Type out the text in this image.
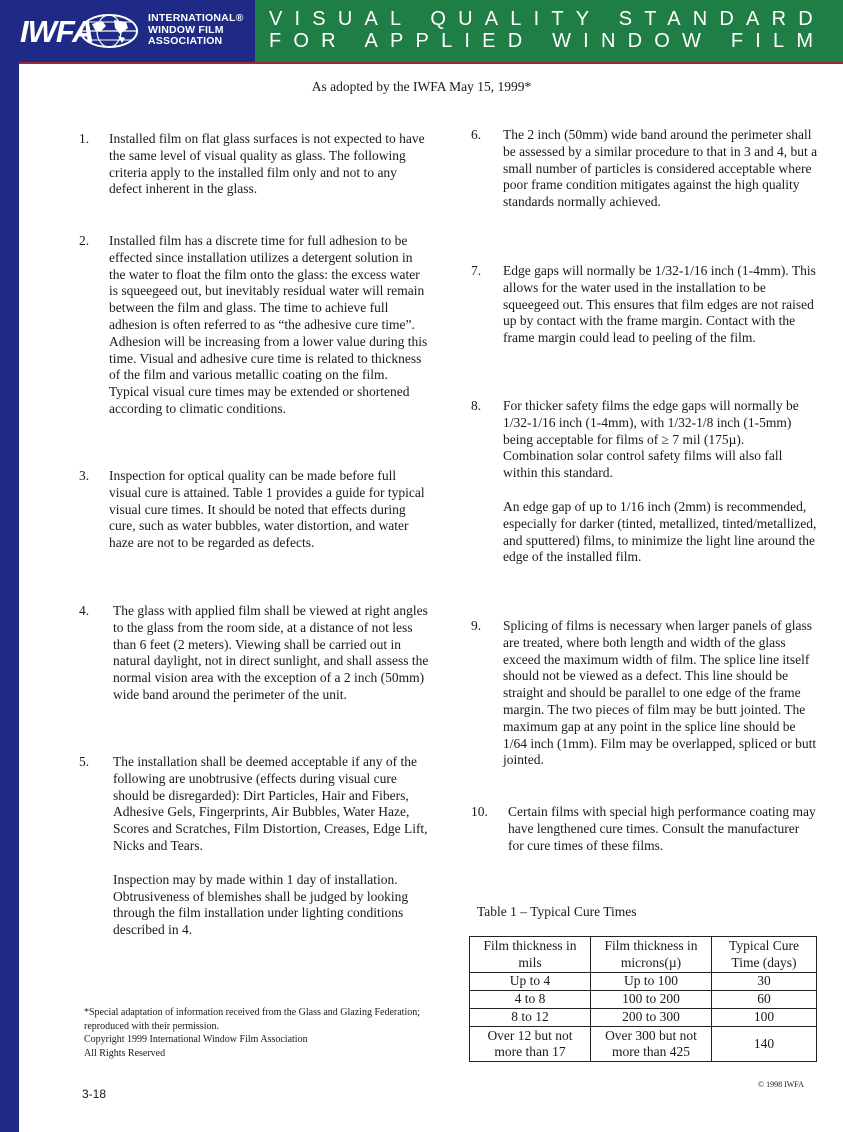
IWFA	INTERNATIONAL®
WINDOW FILM
ASSOCIATION
VISUAL QUALITY STANDARD
FOR APPLIED WINDOW FILM
As adopted by the IWFA May 15, 1999*
1. Installed film on flat glass surfaces is not expected to have the same level of visual quality as glass. The following criteria apply to the installed film only and not to any defect inherent in the glass.

2. Installed film has a discrete time for full adhesion to be effected since installation utilizes a detergent solution in the water to float the film onto the glass: the excess water is squeegeed out, but inevitably residual water will remain between the film and glass. The time to achieve full adhesion is often referred to as “the adhesive cure time”. Adhesion will be increasing from a lower value during this time. Visual and adhesive cure time is related to thickness of the film and various metallic coating on the film. Typical visual cure times may be extended or shortened according to climatic conditions.

3. Inspection for optical quality can be made before full visual cure is attained. Table 1 provides a guide for typical visual cure times. It should be noted that effects during cure, such as water bubbles, water distortion, and water haze are not to be regarded as defects.

4. The glass with applied film shall be viewed at right angles to the glass from the room side, at a distance of not less than 6 feet (2 meters). Viewing shall be carried out in natural daylight, not in direct sunlight, and shall assess the normal vision area with the exception of a 2 inch (50mm) wide band around the perimeter of the unit.

5. The installation shall be deemed acceptable if any of the following are unobtrusive (effects during visual cure should be disregarded): Dirt Particles, Hair and Fibers, Adhesive Gels, Fingerprints, Air Bubbles, Water Haze, Scores and Scratches, Film Distortion, Creases, Edge Lift, Nicks and Tears.

Inspection may by made within 1 day of installation. Obtrusiveness of blemishes shall be judged by looking through the film installation under lighting conditions described in 4.

6. The 2 inch (50mm) wide band around the perimeter shall be assessed by a similar procedure to that in 3 and 4, but a small number of particles is considered acceptable where poor frame condition mitigates against the high quality standards normally achieved.

7. Edge gaps will normally be 1/32-1/16 inch (1-4mm). This allows for the water used in the installation to be squeegeed out. This ensures that film edges are not raised up by contact with the frame margin. Contact with the frame margin could lead to peeling of the film.

8. For thicker safety films the edge gaps will normally be 1/32-1/16 inch (1-4mm), with 1/32-1/8 inch (1-5mm) being acceptable for films of ≥ 7 mil (175µ). Combination solar control safety films will also fall within this standard.

An edge gap of up to 1/16 inch (2mm) is recommended, especially for darker (tinted, metallized, tinted/metallized, and sputtered) films, to minimize the light line around the edge of the installed film.

9. Splicing of films is necessary when larger panels of glass are treated, where both length and width of the glass exceed the maximum width of film. The splice line itself should not be viewed as a defect. This line should be straight and should be parallel to one edge of the frame margin. The two pieces of film may be butt jointed. The maximum gap at any point in the splice line should be 1/64 inch (1mm). Film may be overlapped, spliced or butt jointed.

10. Certain films with special high performance coating may have lengthened cure times. Consult the manufacturer for cure times of these films.

Table 1 – Typical Cure Times
Film thickness in mils	Film thickness in microns(µ)	Typical Cure Time (days)
Up to 4	Up to 100	30
4 to 8	100 to 200	60
8 to 12	200 to 300	100
Over 12 but not more than 17	Over 300 but not more than 425	140
*Special adaptation of information received from the Glass and Glazing Federation; reproduced with their permission.
Copyright 1999 International Window Film Association
All Rights Reserved
3-18
© 1998 IWFA
